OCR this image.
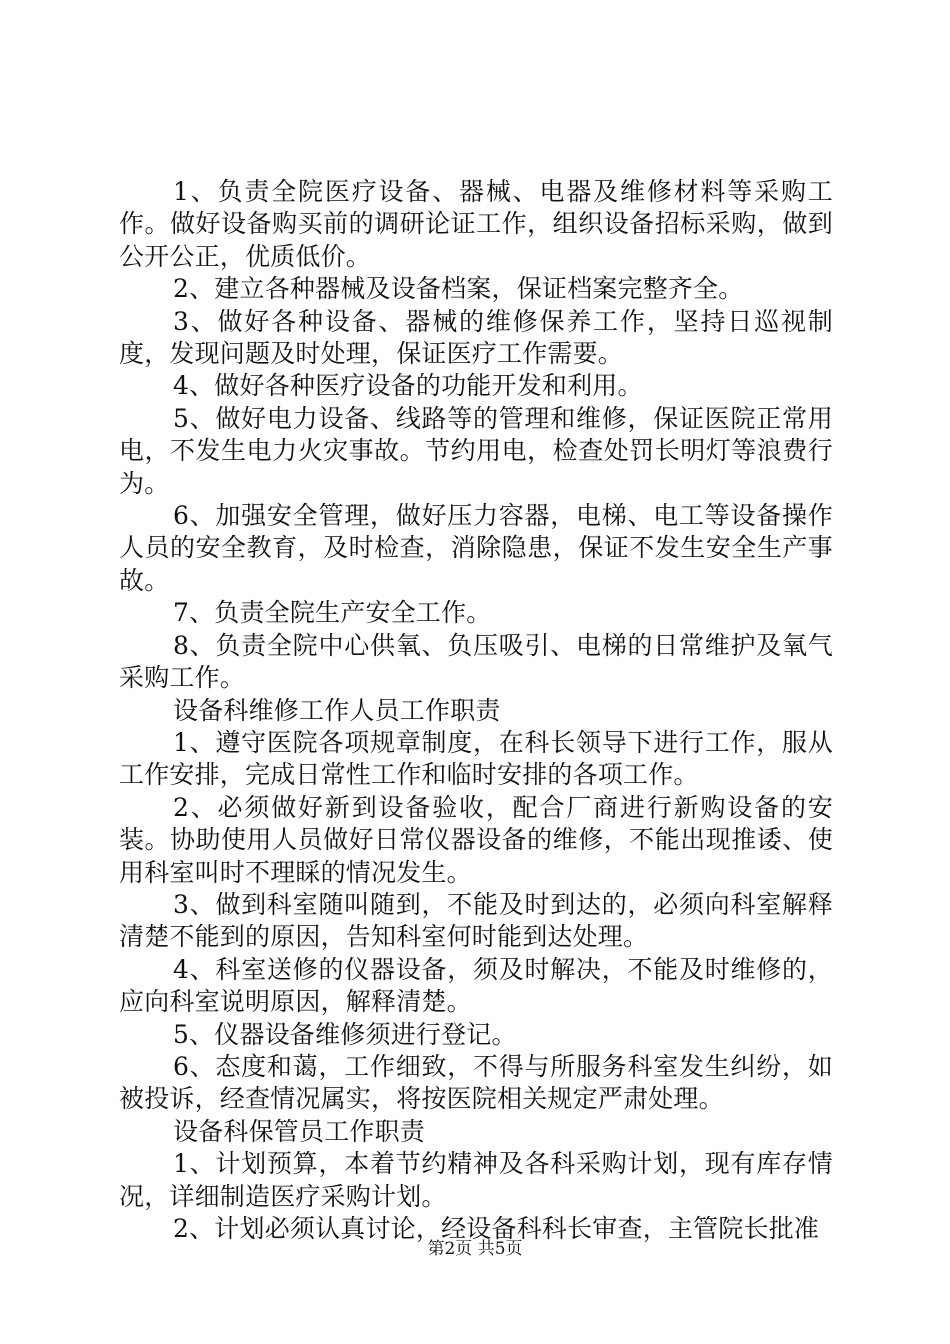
1、负责全院医疗设备、器械、电器及维修材料等采购工作。做好设备购买前的调研论证工作，组织设备招标采购，做到公开公正，优质低价。

2、建立各种器械及设备档案，保证档案完整齐全。

3、做好各种设备、器械的维修保养工作，坚持日巡视制度，发现问题及时处理，保证医疗工作需要。

4、做好各种医疗设备的功能开发和利用。

5、做好电力设备、线路等的管理和维修，保证医院正常用电，不发生电力火灾事故。节约用电，检查处罚长明灯等浪费行为。

6、加强安全管理，做好压力容器，电梯、电工等设备操作人员的安全教育，及时检查，消除隐患，保证不发生安全生产事故。

7、负责全院生产安全工作。

8、负责全院中心供氧、负压吸引、电梯的日常维护及氧气采购工作。

设备科维修工作人员工作职责

1、遵守医院各项规章制度，在科长领导下进行工作，服从工作安排，完成日常性工作和临时安排的各项工作。

2、必须做好新到设备验收，配合厂商进行新购设备的安装。协助使用人员做好日常仪器设备的维修，不能出现推诿、使用科室叫时不理睬的情况发生。

3、做到科室随叫随到，不能及时到达的，必须向科室解释清楚不能到的原因，告知科室何时能到达处理。

4、科室送修的仪器设备，须及时解决，不能及时维修的，应向科室说明原因，解释清楚。

5、仪器设备维修须进行登记。

6、态度和蔼，工作细致，不得与所服务科室发生纠纷，如被投诉，经查情况属实，将按医院相关规定严肃处理。

设备科保管员工作职责

1、计划预算，本着节约精神及各科采购计划，现有库存情况，详细制造医疗采购计划。

2、计划必须认真讨论，经设备科科长审查，主管院长批准

第2页 共5页
